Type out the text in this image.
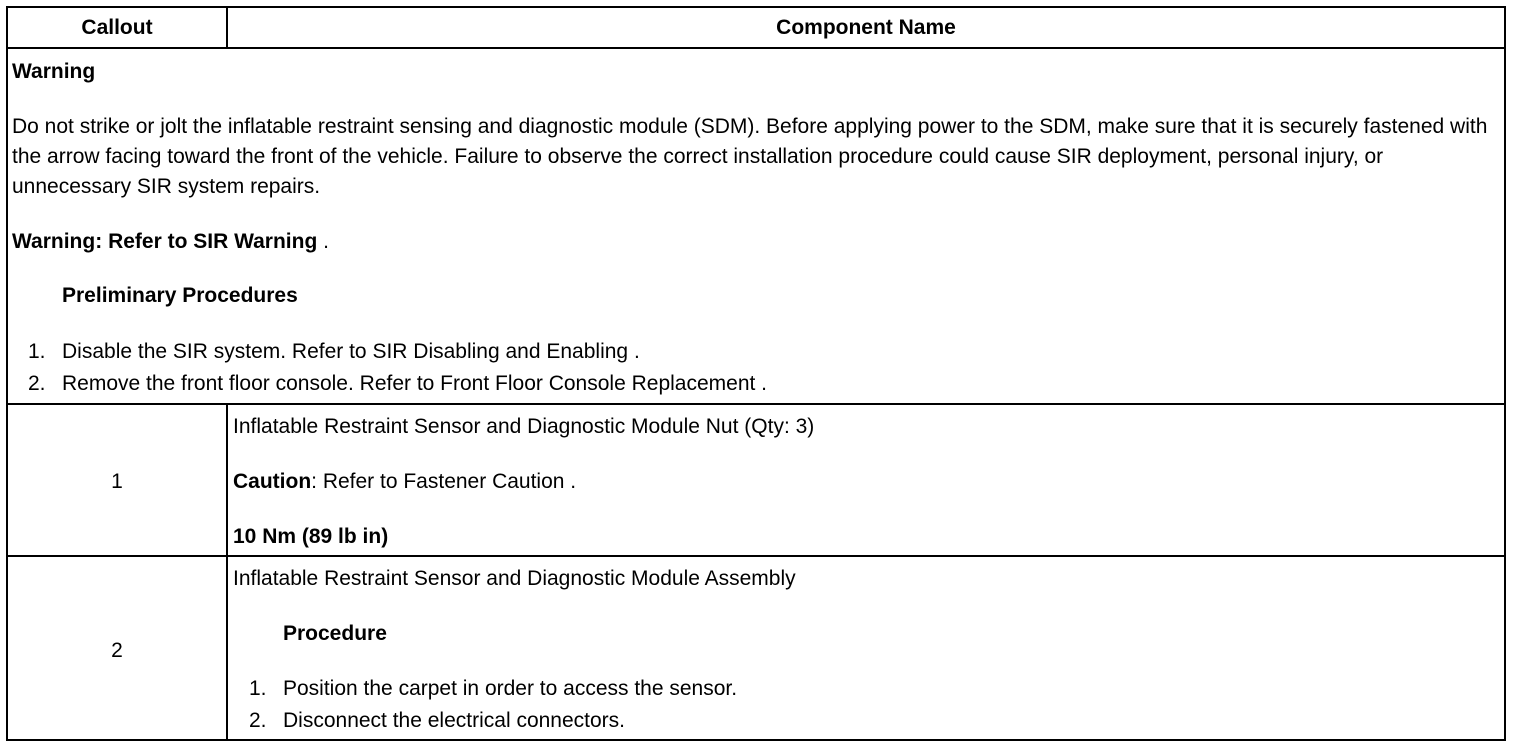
Callout	Component Name
Warning
Do not strike or jolt the inflatable restraint sensing and diagnostic module (SDM). Before applying power to the SDM, make sure that it is securely fastened with the arrow facing toward the front of the vehicle. Failure to observe the correct installation procedure could cause SIR deployment, personal injury, or unnecessary SIR system repairs.
Warning: Refer to SIR Warning .
Preliminary Procedures
1. Disable the SIR system. Refer to SIR Disabling and Enabling .
2. Remove the front floor console. Refer to Front Floor Console Replacement .
1
Inflatable Restraint Sensor and Diagnostic Module Nut (Qty: 3)
Caution: Refer to Fastener Caution .
10 Nm (89 lb in)
2
Inflatable Restraint Sensor and Diagnostic Module Assembly
Procedure
1. Position the carpet in order to access the sensor.
2. Disconnect the electrical connectors.
